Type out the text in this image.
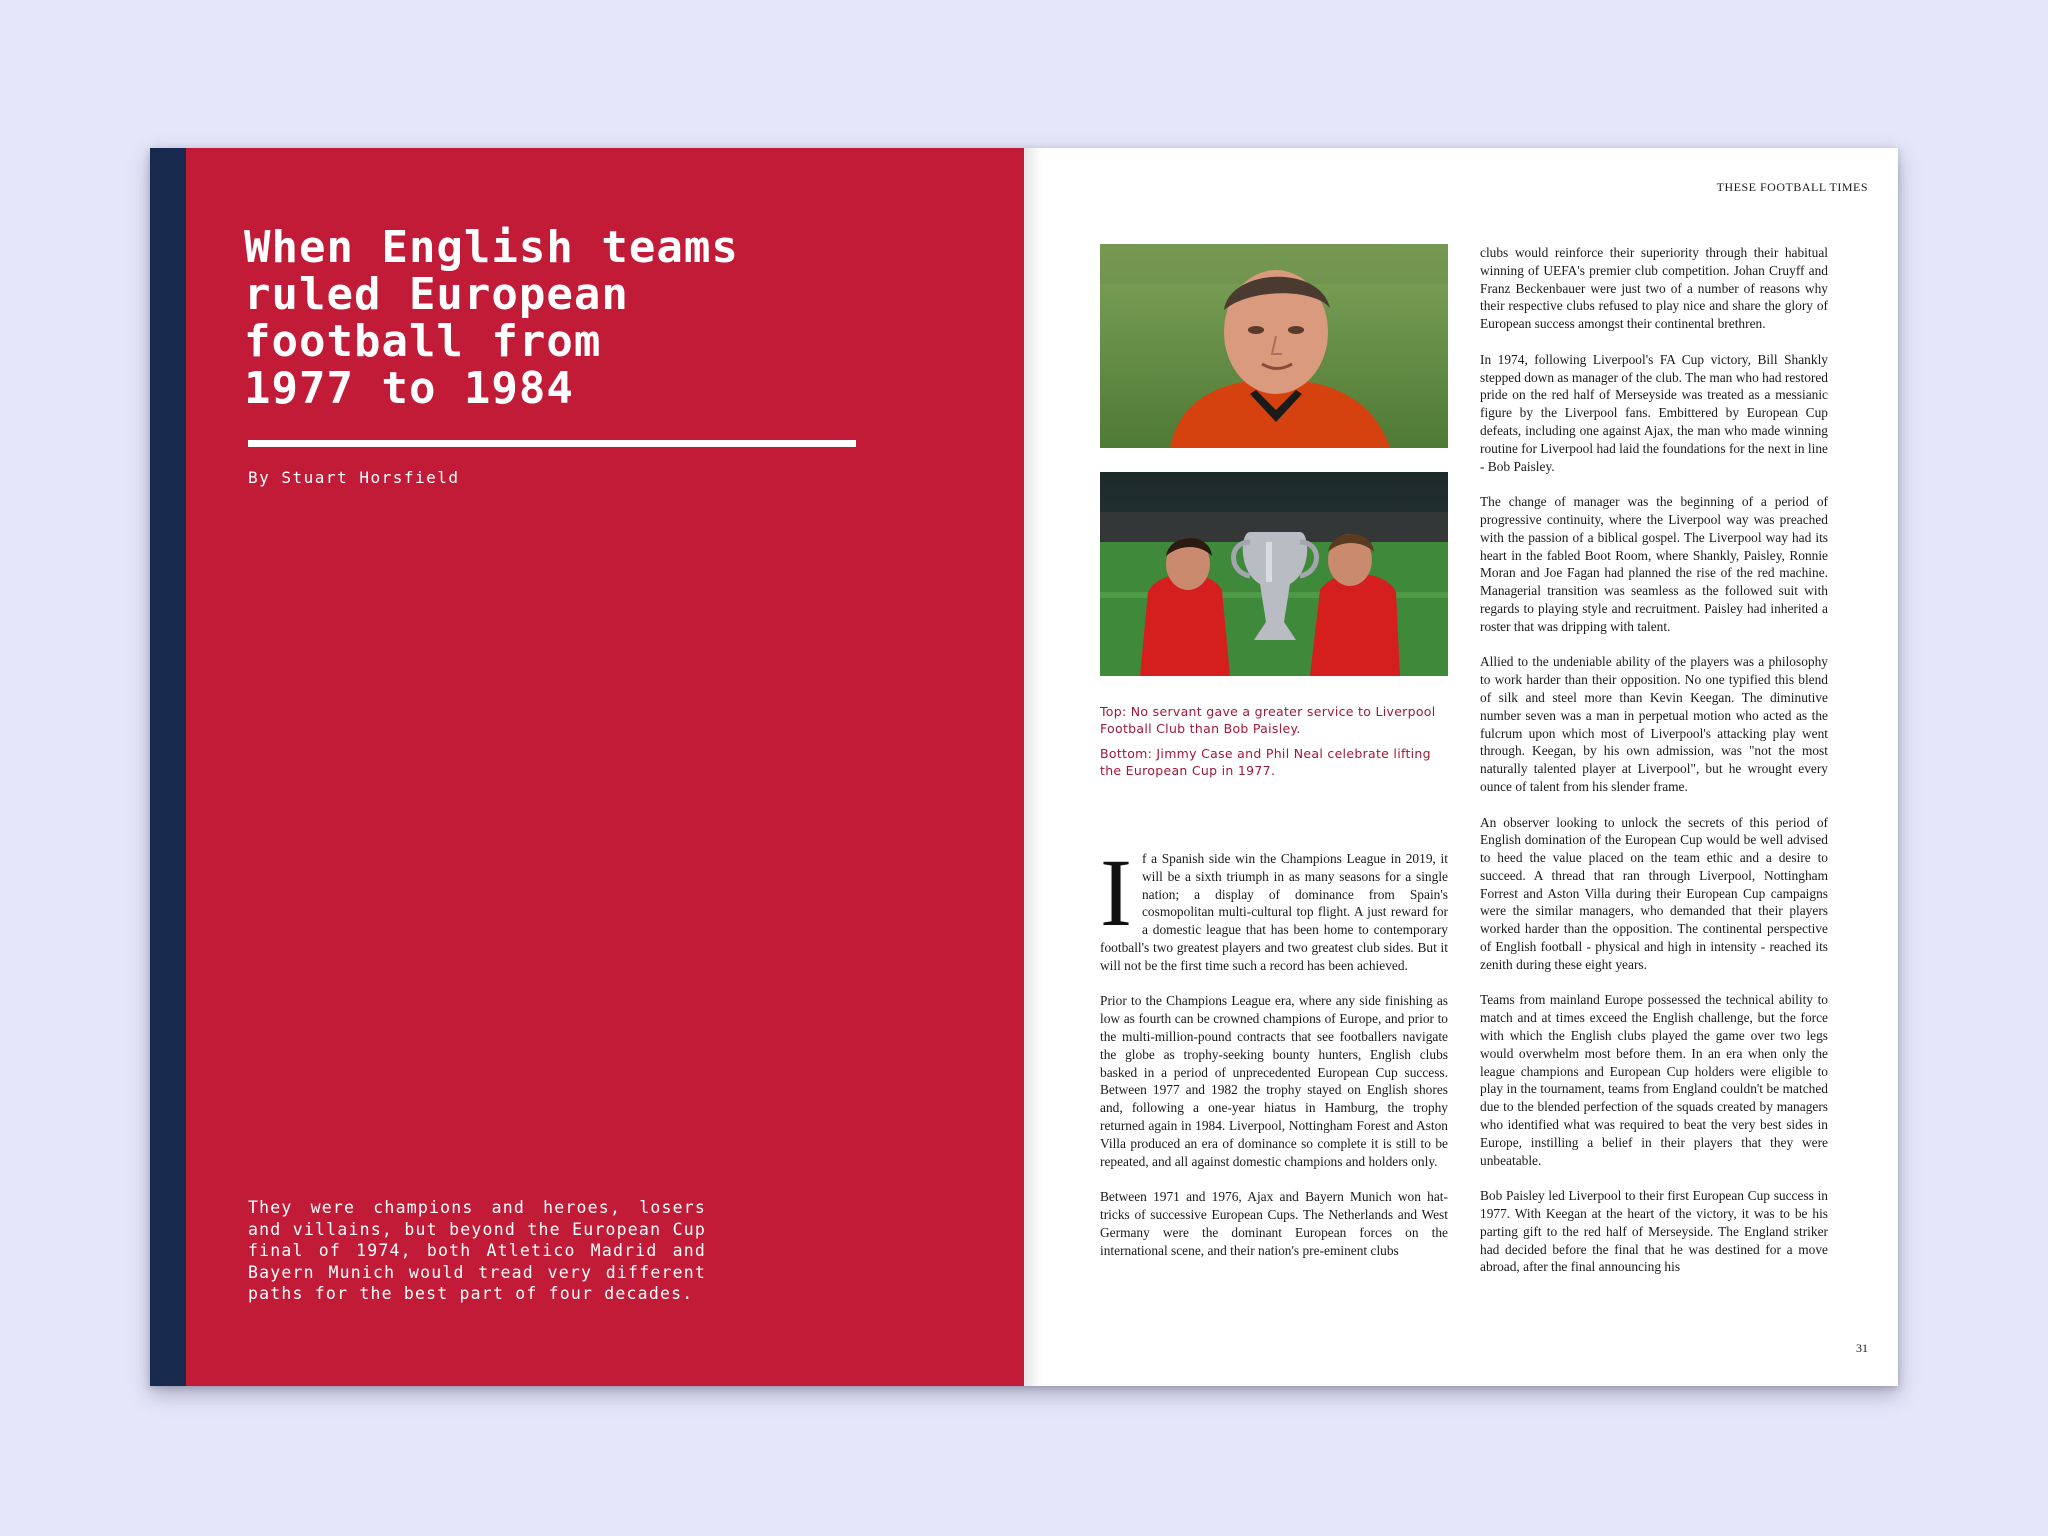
When English teams
ruled European
football from
1977 to 1984
By Stuart Horsfield

They were champions and heroes, losers and villains, but beyond the European Cup final of 1974, both Atletico Madrid and Bayern Munich would tread very different paths for the best part of four decades.

THESE FOOTBALL TIMES

Top: No servant gave a greater service to Liverpool Football Club than Bob Paisley.

Bottom: Jimmy Case and Phil Neal celebrate lifting the European Cup in 1977.

If a Spanish side win the Champions League in 2019, it will be a sixth triumph in as many seasons for a single nation; a display of dominance from Spain's cosmopolitan multi-cultural top flight. A just reward for a domestic league that has been home to contemporary football's two greatest players and two greatest club sides. But it will not be the first time such a record has been achieved.

Prior to the Champions League era, where any side finishing as low as fourth can be crowned champions of Europe, and prior to the multi-million-pound contracts that see footballers navigate the globe as trophy-seeking bounty hunters, English clubs basked in a period of unprecedented European Cup success. Between 1977 and 1982 the trophy stayed on English shores and, following a one-year hiatus in Hamburg, the trophy returned again in 1984. Liverpool, Nottingham Forest and Aston Villa produced an era of dominance so complete it is still to be repeated, and all against domestic champions and holders only.

Between 1971 and 1976, Ajax and Bayern Munich won hat-tricks of successive European Cups. The Netherlands and West Germany were the dominant European forces on the international scene, and their nation's pre-eminent clubs

clubs would reinforce their superiority through their habitual winning of UEFA's premier club competition. Johan Cruyff and Franz Beckenbauer were just two of a number of reasons why their respective clubs refused to play nice and share the glory of European success amongst their continental brethren.

In 1974, following Liverpool's FA Cup victory, Bill Shankly stepped down as manager of the club. The man who had restored pride on the red half of Merseyside was treated as a messianic figure by the Liverpool fans. Embittered by European Cup defeats, including one against Ajax, the man who made winning routine for Liverpool had laid the foundations for the next in line - Bob Paisley.

The change of manager was the beginning of a period of progressive continuity, where the Liverpool way was preached with the passion of a biblical gospel. The Liverpool way had its heart in the fabled Boot Room, where Shankly, Paisley, Ronnie Moran and Joe Fagan had planned the rise of the red machine. Managerial transition was seamless as the followed suit with regards to playing style and recruitment. Paisley had inherited a roster that was dripping with talent.

Allied to the undeniable ability of the players was a philosophy to work harder than their opposition. No one typified this blend of silk and steel more than Kevin Keegan. The diminutive number seven was a man in perpetual motion who acted as the fulcrum upon which most of Liverpool's attacking play went through. Keegan, by his own admission, was "not the most naturally talented player at Liverpool", but he wrought every ounce of talent from his slender frame.

An observer looking to unlock the secrets of this period of English domination of the European Cup would be well advised to heed the value placed on the team ethic and a desire to succeed. A thread that ran through Liverpool, Nottingham Forrest and Aston Villa during their European Cup campaigns were the similar managers, who demanded that their players worked harder than the opposition. The continental perspective of English football - physical and high in intensity - reached its zenith during these eight years.

Teams from mainland Europe possessed the technical ability to match and at times exceed the English challenge, but the force with which the English clubs played the game over two legs would overwhelm most before them. In an era when only the league champions and European Cup holders were eligible to play in the tournament, teams from England couldn't be matched due to the blended perfection of the squads created by managers who identified what was required to beat the very best sides in Europe, instilling a belief in their players that they were unbeatable.

Bob Paisley led Liverpool to their first European Cup success in 1977. With Keegan at the heart of the victory, it was to be his parting gift to the red half of Merseyside. The England striker had decided before the final that he was destined for a move abroad, after the final announcing his

31
